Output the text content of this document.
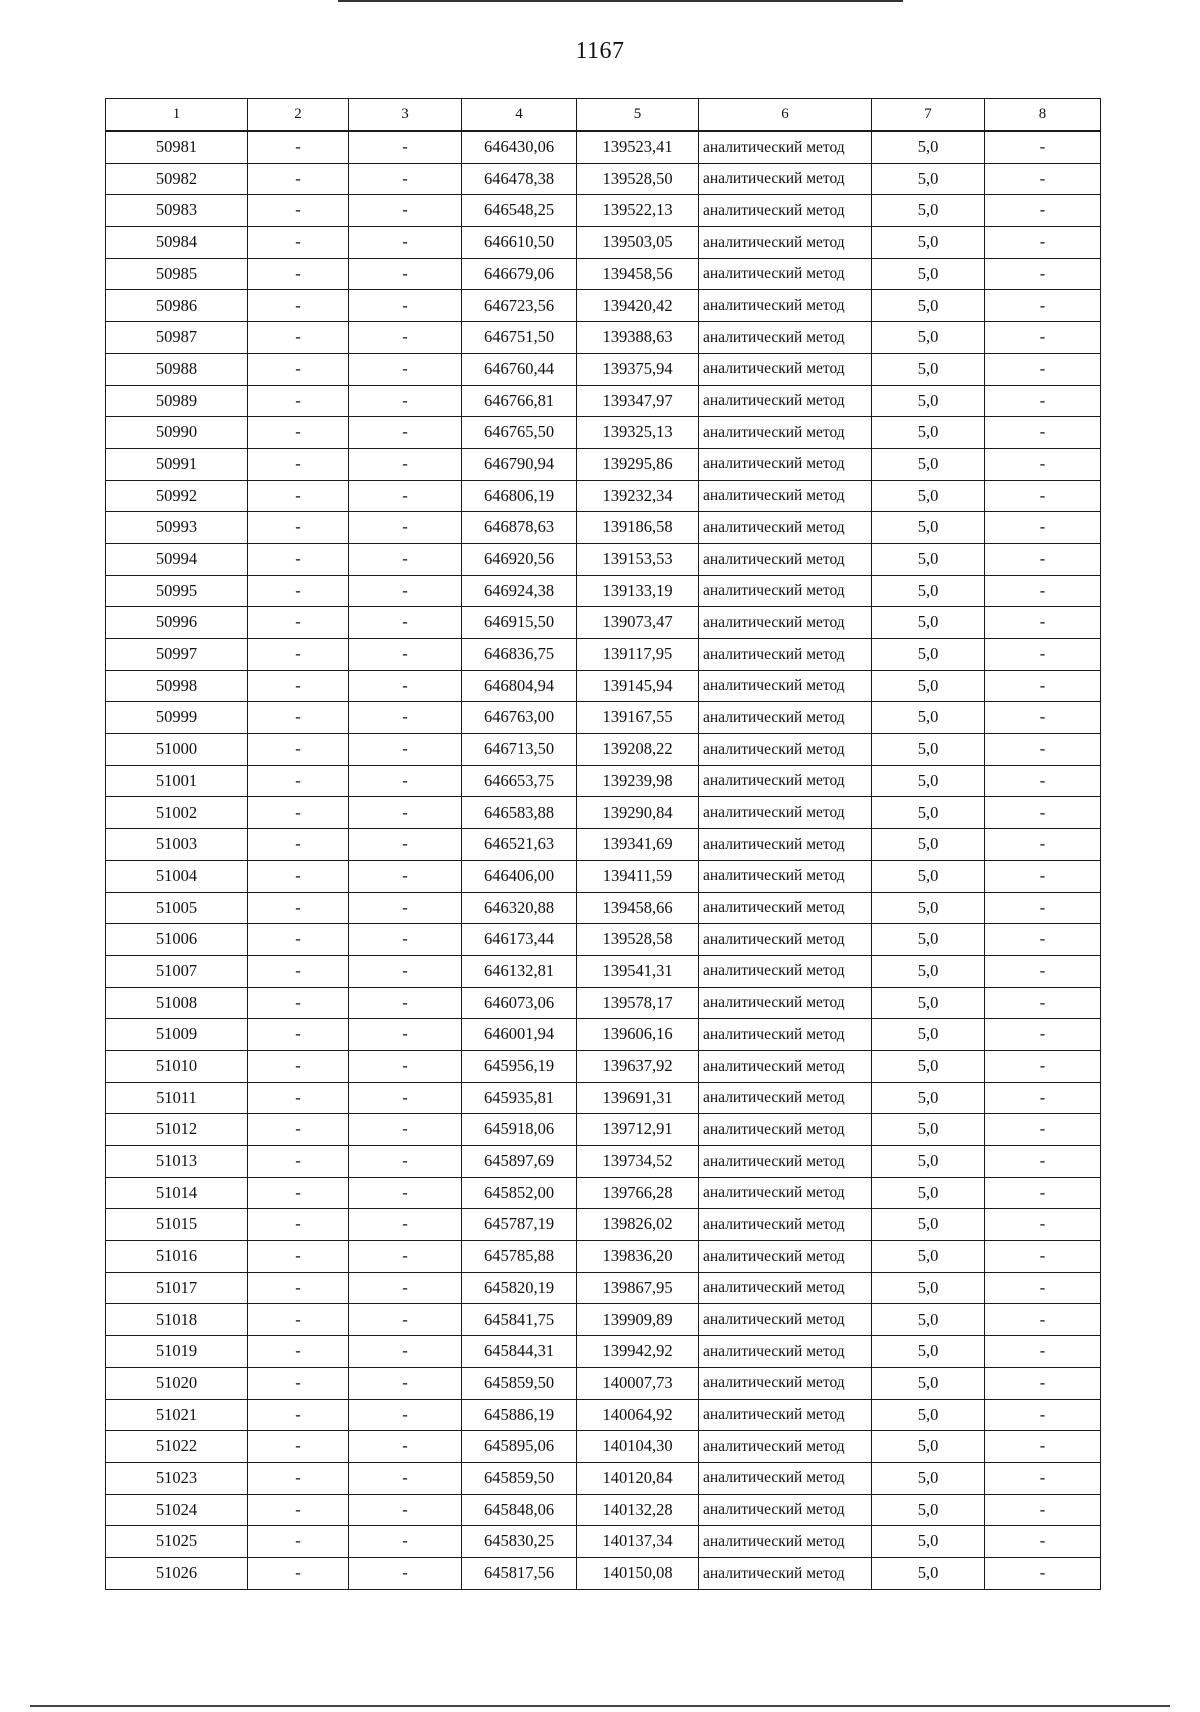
1167
1	2	3	4	5	6	7	8
50981	-	-	646430,06	139523,41	аналитический метод	5,0	-
50982	-	-	646478,38	139528,50	аналитический метод	5,0	-
50983	-	-	646548,25	139522,13	аналитический метод	5,0	-
50984	-	-	646610,50	139503,05	аналитический метод	5,0	-
50985	-	-	646679,06	139458,56	аналитический метод	5,0	-
50986	-	-	646723,56	139420,42	аналитический метод	5,0	-
50987	-	-	646751,50	139388,63	аналитический метод	5,0	-
50988	-	-	646760,44	139375,94	аналитический метод	5,0	-
50989	-	-	646766,81	139347,97	аналитический метод	5,0	-
50990	-	-	646765,50	139325,13	аналитический метод	5,0	-
50991	-	-	646790,94	139295,86	аналитический метод	5,0	-
50992	-	-	646806,19	139232,34	аналитический метод	5,0	-
50993	-	-	646878,63	139186,58	аналитический метод	5,0	-
50994	-	-	646920,56	139153,53	аналитический метод	5,0	-
50995	-	-	646924,38	139133,19	аналитический метод	5,0	-
50996	-	-	646915,50	139073,47	аналитический метод	5,0	-
50997	-	-	646836,75	139117,95	аналитический метод	5,0	-
50998	-	-	646804,94	139145,94	аналитический метод	5,0	-
50999	-	-	646763,00	139167,55	аналитический метод	5,0	-
51000	-	-	646713,50	139208,22	аналитический метод	5,0	-
51001	-	-	646653,75	139239,98	аналитический метод	5,0	-
51002	-	-	646583,88	139290,84	аналитический метод	5,0	-
51003	-	-	646521,63	139341,69	аналитический метод	5,0	-
51004	-	-	646406,00	139411,59	аналитический метод	5,0	-
51005	-	-	646320,88	139458,66	аналитический метод	5,0	-
51006	-	-	646173,44	139528,58	аналитический метод	5,0	-
51007	-	-	646132,81	139541,31	аналитический метод	5,0	-
51008	-	-	646073,06	139578,17	аналитический метод	5,0	-
51009	-	-	646001,94	139606,16	аналитический метод	5,0	-
51010	-	-	645956,19	139637,92	аналитический метод	5,0	-
51011	-	-	645935,81	139691,31	аналитический метод	5,0	-
51012	-	-	645918,06	139712,91	аналитический метод	5,0	-
51013	-	-	645897,69	139734,52	аналитический метод	5,0	-
51014	-	-	645852,00	139766,28	аналитический метод	5,0	-
51015	-	-	645787,19	139826,02	аналитический метод	5,0	-
51016	-	-	645785,88	139836,20	аналитический метод	5,0	-
51017	-	-	645820,19	139867,95	аналитический метод	5,0	-
51018	-	-	645841,75	139909,89	аналитический метод	5,0	-
51019	-	-	645844,31	139942,92	аналитический метод	5,0	-
51020	-	-	645859,50	140007,73	аналитический метод	5,0	-
51021	-	-	645886,19	140064,92	аналитический метод	5,0	-
51022	-	-	645895,06	140104,30	аналитический метод	5,0	-
51023	-	-	645859,50	140120,84	аналитический метод	5,0	-
51024	-	-	645848,06	140132,28	аналитический метод	5,0	-
51025	-	-	645830,25	140137,34	аналитический метод	5,0	-
51026	-	-	645817,56	140150,08	аналитический метод	5,0	-
